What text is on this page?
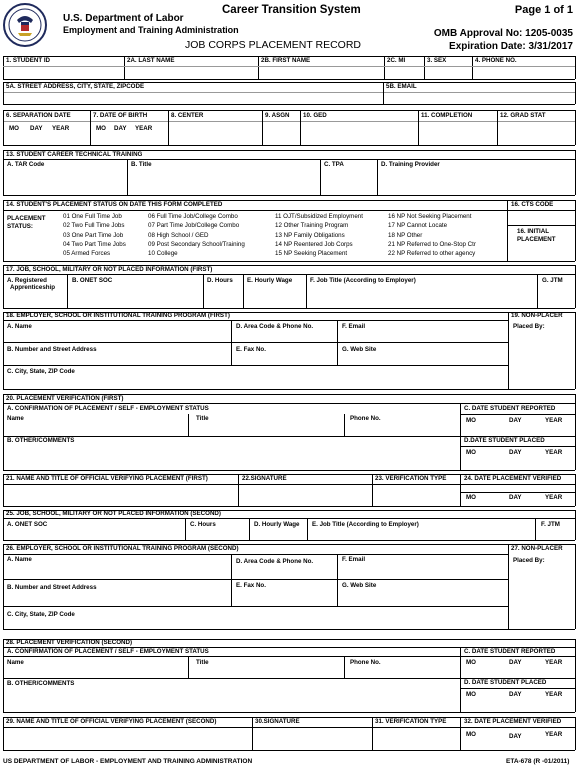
U.S. Department of Labor
Employment and Training Administration
Career Transition System	Page 1 of 1
JOB CORPS PLACEMENT RECORD
OMB Approval No: 1205-0035
Expiration Date: 3/31/2017
1. STUDENT ID	2A. LAST NAME	2B. FIRST NAME	2C. MI	3. SEX	4. PHONE NO.
5A. STREET ADDRESS, CITY, STATE, ZIPCODE	5B. EMAIL
6. SEPARATION DATE	7. DATE OF BIRTH	8. CENTER	9. ASGN 10. GED	11. COMPLETION	12. GRAD STAT
MO DAY YEAR	MO DAY YEAR
13. STUDENT CAREER TECHNICAL TRAINING
A. TAR Code	B. Title	C. TPA	D. Training Provider
14. STUDENT'S PLACEMENT STATUS ON DATE THIS FORM COMPLETED	16. CTS CODE
16. INITIAL
PLACEMENT
PLACEMENT
STATUS:
01 One Full Time Job
02 Two Full Time Jobs
03 One Part Time Job
04 Two Part Time Jobs
05 Armed Forces
06 Full Time Job/College Combo
07 Part Time Job/College Combo
08 High School / GED
09 Post Secondary School/Training
10 College
11 OJT/Subsidized Employment
12 Other Training Program
13 NP Family Obligations
14 NP Reentered Job Corps
15 NP Seeking Placement
16 NP Not Seeking Placement
17 NP Cannot Locate
18 NP Other
21 NP Referred to One-Stop Ctr
22 NP Referred to other agency
17. JOB, SCHOOL, MILITARY OR NOT PLACED INFORMATION (FIRST)
A. Registered
Apprenticeship
B. ONET SOC	D. Hours E. Hourly Wage	F. Job Title (According to Employer)	G. JTM
18. EMPLOYER, SCHOOL OR INSTITUTIONAL TRAINING PROGRAM (FIRST)	19. NON-PLACER
Placed By:
A. Name	D. Area Code & Phone No.	F. Email
B. Number and Street Address	E. Fax No.	G. Web Site
C. City, State, ZIP Code
20. PLACEMENT VERIFICATION (FIRST)
A. CONFIRMATION OF PLACEMENT / SELF - EMPLOYMENT STATUS
Name	Title	Phone No.
C. DATE STUDENT REPORTED
B. OTHER/COMMENTS	D.DATE STUDENT PLACED
MO	DAY	YEAR
MO	DAY	YEAR
21. NAME AND TITLE OF OFFICIAL VERIFYING PLACEMENT (FIRST)	22.SIGNATURE	23. VERIFICATION TYPE	24. DATE PLACEMENT VERIFIED
MO	DAY	YEAR
25. JOB, SCHOOL, MILITARY OR NOT PLACED INFORMATION (SECOND)
A. ONET SOC	C. Hours	D. Hourly Wage E. Job Title (According to Employer)	F. JTM
26. EMPLOYER, SCHOOL OR INSTITUTIONAL TRAINING PROGRAM (SECOND)	27. NON-PLACER
Placed By:
A. Name	D. Area Code & Phone No.	F. Email
B. Number and Street Address	E. Fax No.	G. Web Site
C. City, State, ZIP Code
28. PLACEMENT VERIFICATION (SECOND)
A. CONFIRMATION OF PLACEMENT / SELF - EMPLOYMENT STATUS	C. DATE STUDENT REPORTED
Name	Title	Phone No.	MO	DAY	YEAR
B. OTHER/COMMENTS	D. DATE STUDENT PLACED
MO	DAY	YEAR
29. NAME AND TITLE OF OFFICIAL VERIFYING PLACEMENT (SECOND)	30.SIGNATURE	31. VERIFICATION TYPE	32. DATE PLACEMENT VERIFIED
MO	DAY	YEAR
US DEPARTMENT OF LABOR - EMPLOYMENT AND TRAINING ADMINISTRATION	ETA-678 (R -01/2011)
